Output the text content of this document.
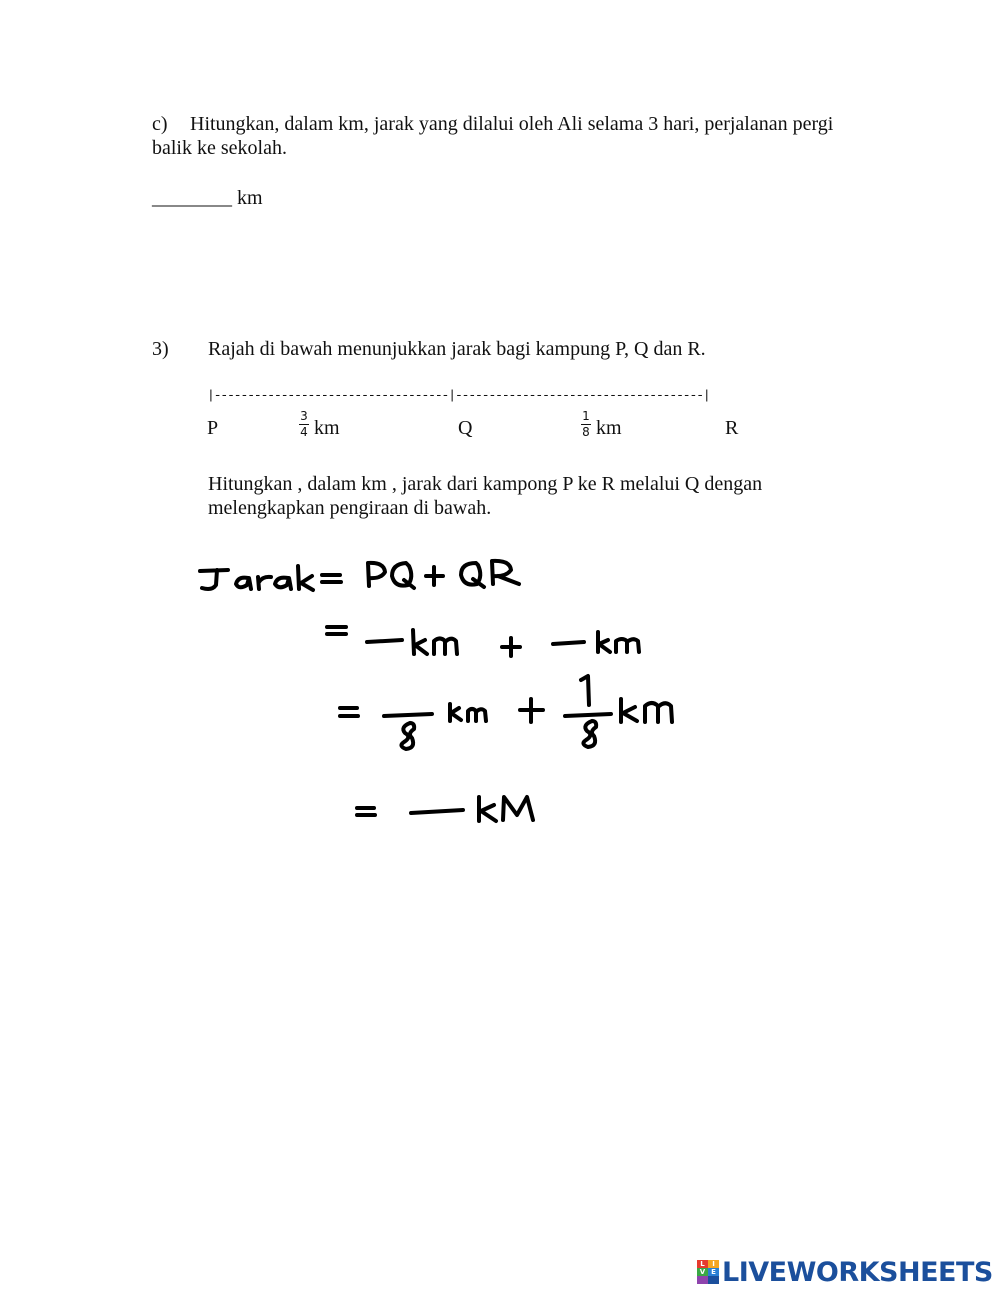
c) Hitungkan, dalam km, jarak yang dilalui oleh Ali selama 3 hari, perjalanan pergi balik ke sekolah.
________ km
3) Rajah di bawah menunjukkan jarak bagi kampung P, Q dan R.
|-----------------------------------|-------------------------------------|
P	Q	R
3
4 km
1
8 km
Hitungkan , dalam km , jarak dari kampong P ke R melalui Q dengan melengkapkan pengiraan di bawah.
L	I
V E LIVEWORKSHEETS
